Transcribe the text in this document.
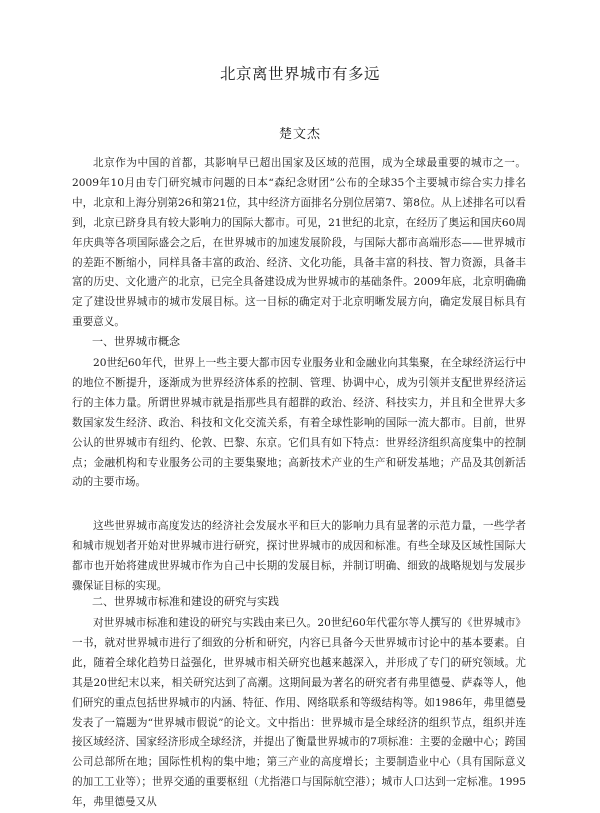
北京离世界城市有多远
楚文杰

北京作为中国的首都，其影响早已超出国家及区域的范围，成为全球最重要的城市之一。2009年10月由专门研究城市问题的日本“森纪念财团”公布的全球35个主要城市综合实力排名中，北京和上海分别第26和第21位，其中经济方面排名分别位居第7、第8位。从上述排名可以看到，北京已跻身具有较大影响力的国际大都市。可见，21世纪的北京，在经历了奥运和国庆60周年庆典等各项国际盛会之后，在世界城市的加速发展阶段，与国际大都市高端形态——世界城市的差距不断缩小，同样具备丰富的政治、经济、文化功能，具备丰富的科技、智力资源，具备丰富的历史、文化遗产的北京，已完全具备建设成为世界城市的基础条件。2009年底，北京明确确定了建设世界城市的城市发展目标。这一目标的确定对于北京明晰发展方向，确定发展目标具有重要意义。

一、世界城市概念

20世纪60年代，世界上一些主要大都市因专业服务业和金融业向其集聚，在全球经济运行中的地位不断提升，逐渐成为世界经济体系的控制、管理、协调中心，成为引领并支配世界经济运行的主体力量。所谓世界城市就是指那些具有超群的政治、经济、科技实力，并且和全世界大多数国家发生经济、政治、科技和文化交流关系，有着全球性影响的国际一流大都市。目前，世界公认的世界城市有纽约、伦敦、巴黎、东京。它们具有如下特点：世界经济组织高度集中的控制点；金融机构和专业服务公司的主要集聚地；高新技术产业的生产和研发基地；产品及其创新活动的主要市场。

这些世界城市高度发达的经济社会发展水平和巨大的影响力具有显著的示范力量，一些学者和城市规划者开始对世界城市进行研究，探讨世界城市的成因和标准。有些全球及区域性国际大都市也开始将建成世界城市作为自己中长期的发展目标，并制订明确、细致的战略规划与发展步骤保证目标的实现。

二、世界城市标准和建设的研究与实践

对世界城市标准和建设的研究与实践由来已久。20世纪60年代霍尔等人撰写的《世界城市》一书，就对世界城市进行了细致的分析和研究，内容已具备今天世界城市讨论中的基本要素。自此，随着全球化趋势日益强化，世界城市相关研究也越来越深入，并形成了专门的研究领域。尤其是20世纪末以来，相关研究达到了高潮。这期间最为著名的研究者有弗里德曼、萨森等人，他们研究的重点包括世界城市的内涵、特征、作用、网络联系和等级结构等。如1986年，弗里德曼发表了一篇题为“世界城市假说”的论文。文中指出：世界城市是全球经济的组织节点，组织并连接区域经济、国家经济形成全球经济，并提出了衡量世界城市的7项标准：主要的金融中心；跨国公司总部所在地；国际性机构的集中地；第三产业的高度增长；主要制造业中心（具有国际意义的加工工业等）；世界交通的重要枢纽（尤指港口与国际航空港）；城市人口达到一定标准。1995年，弗里德曼又从
